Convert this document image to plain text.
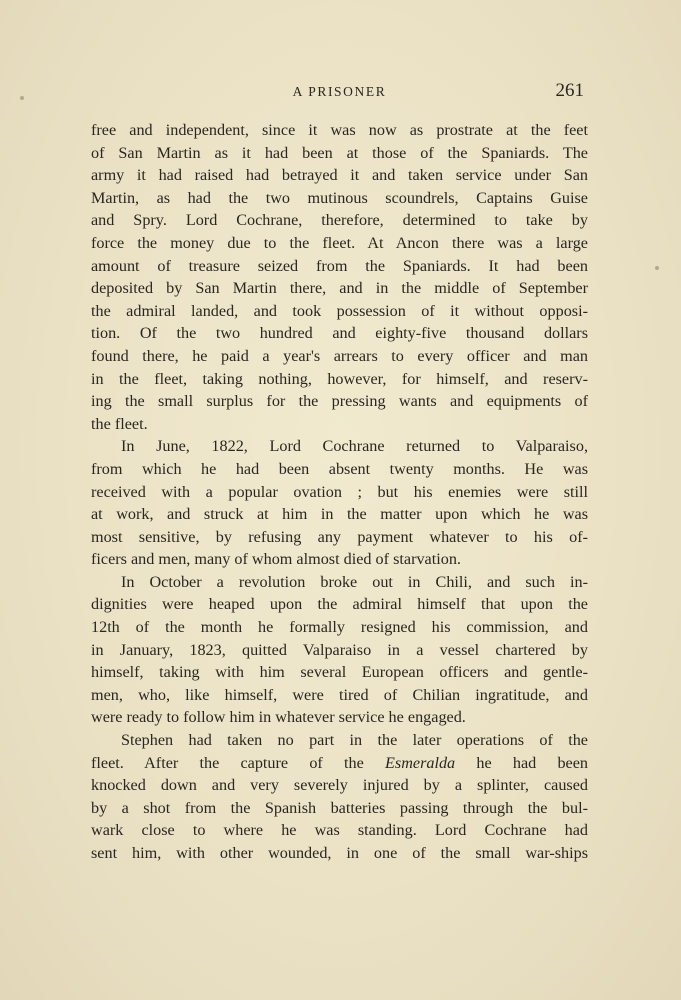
A PRISONER	261
free and independent, since it was now as prostrate at the feet
of San Martin as it had been at those of the Spaniards. The
army it had raised had betrayed it and taken service under San
Martin, as had the two mutinous scoundrels, Captains Guise
and Spry. Lord Cochrane, therefore, determined to take by
force the money due to the fleet. At Ancon there was a large
amount of treasure seized from the Spaniards. It had been
deposited by San Martin there, and in the middle of September
the admiral landed, and took possession of it without opposi-
tion. Of the two hundred and eighty-five thousand dollars
found there, he paid a year's arrears to every officer and man
in the fleet, taking nothing, however, for himself, and reserv-
ing the small surplus for the pressing wants and equipments of
the fleet.
In June, 1822, Lord Cochrane returned to Valparaiso,
from which he had been absent twenty months. He was
received with a popular ovation ; but his enemies were still
at work, and struck at him in the matter upon which he was
most sensitive, by refusing any payment whatever to his of-
ficers and men, many of whom almost died of starvation.
In October a revolution broke out in Chili, and such in-
dignities were heaped upon the admiral himself that upon the
12th of the month he formally resigned his commission, and
in January, 1823, quitted Valparaiso in a vessel chartered by
himself, taking with him several European officers and gentle-
men, who, like himself, were tired of Chilian ingratitude, and
were ready to follow him in whatever service he engaged.
Stephen had taken no part in the later operations of the
fleet. After the capture of the Esmeralda he had been
knocked down and very severely injured by a splinter, caused
by a shot from the Spanish batteries passing through the bul-
wark close to where he was standing. Lord Cochrane had
sent him, with other wounded, in one of the small war-ships
